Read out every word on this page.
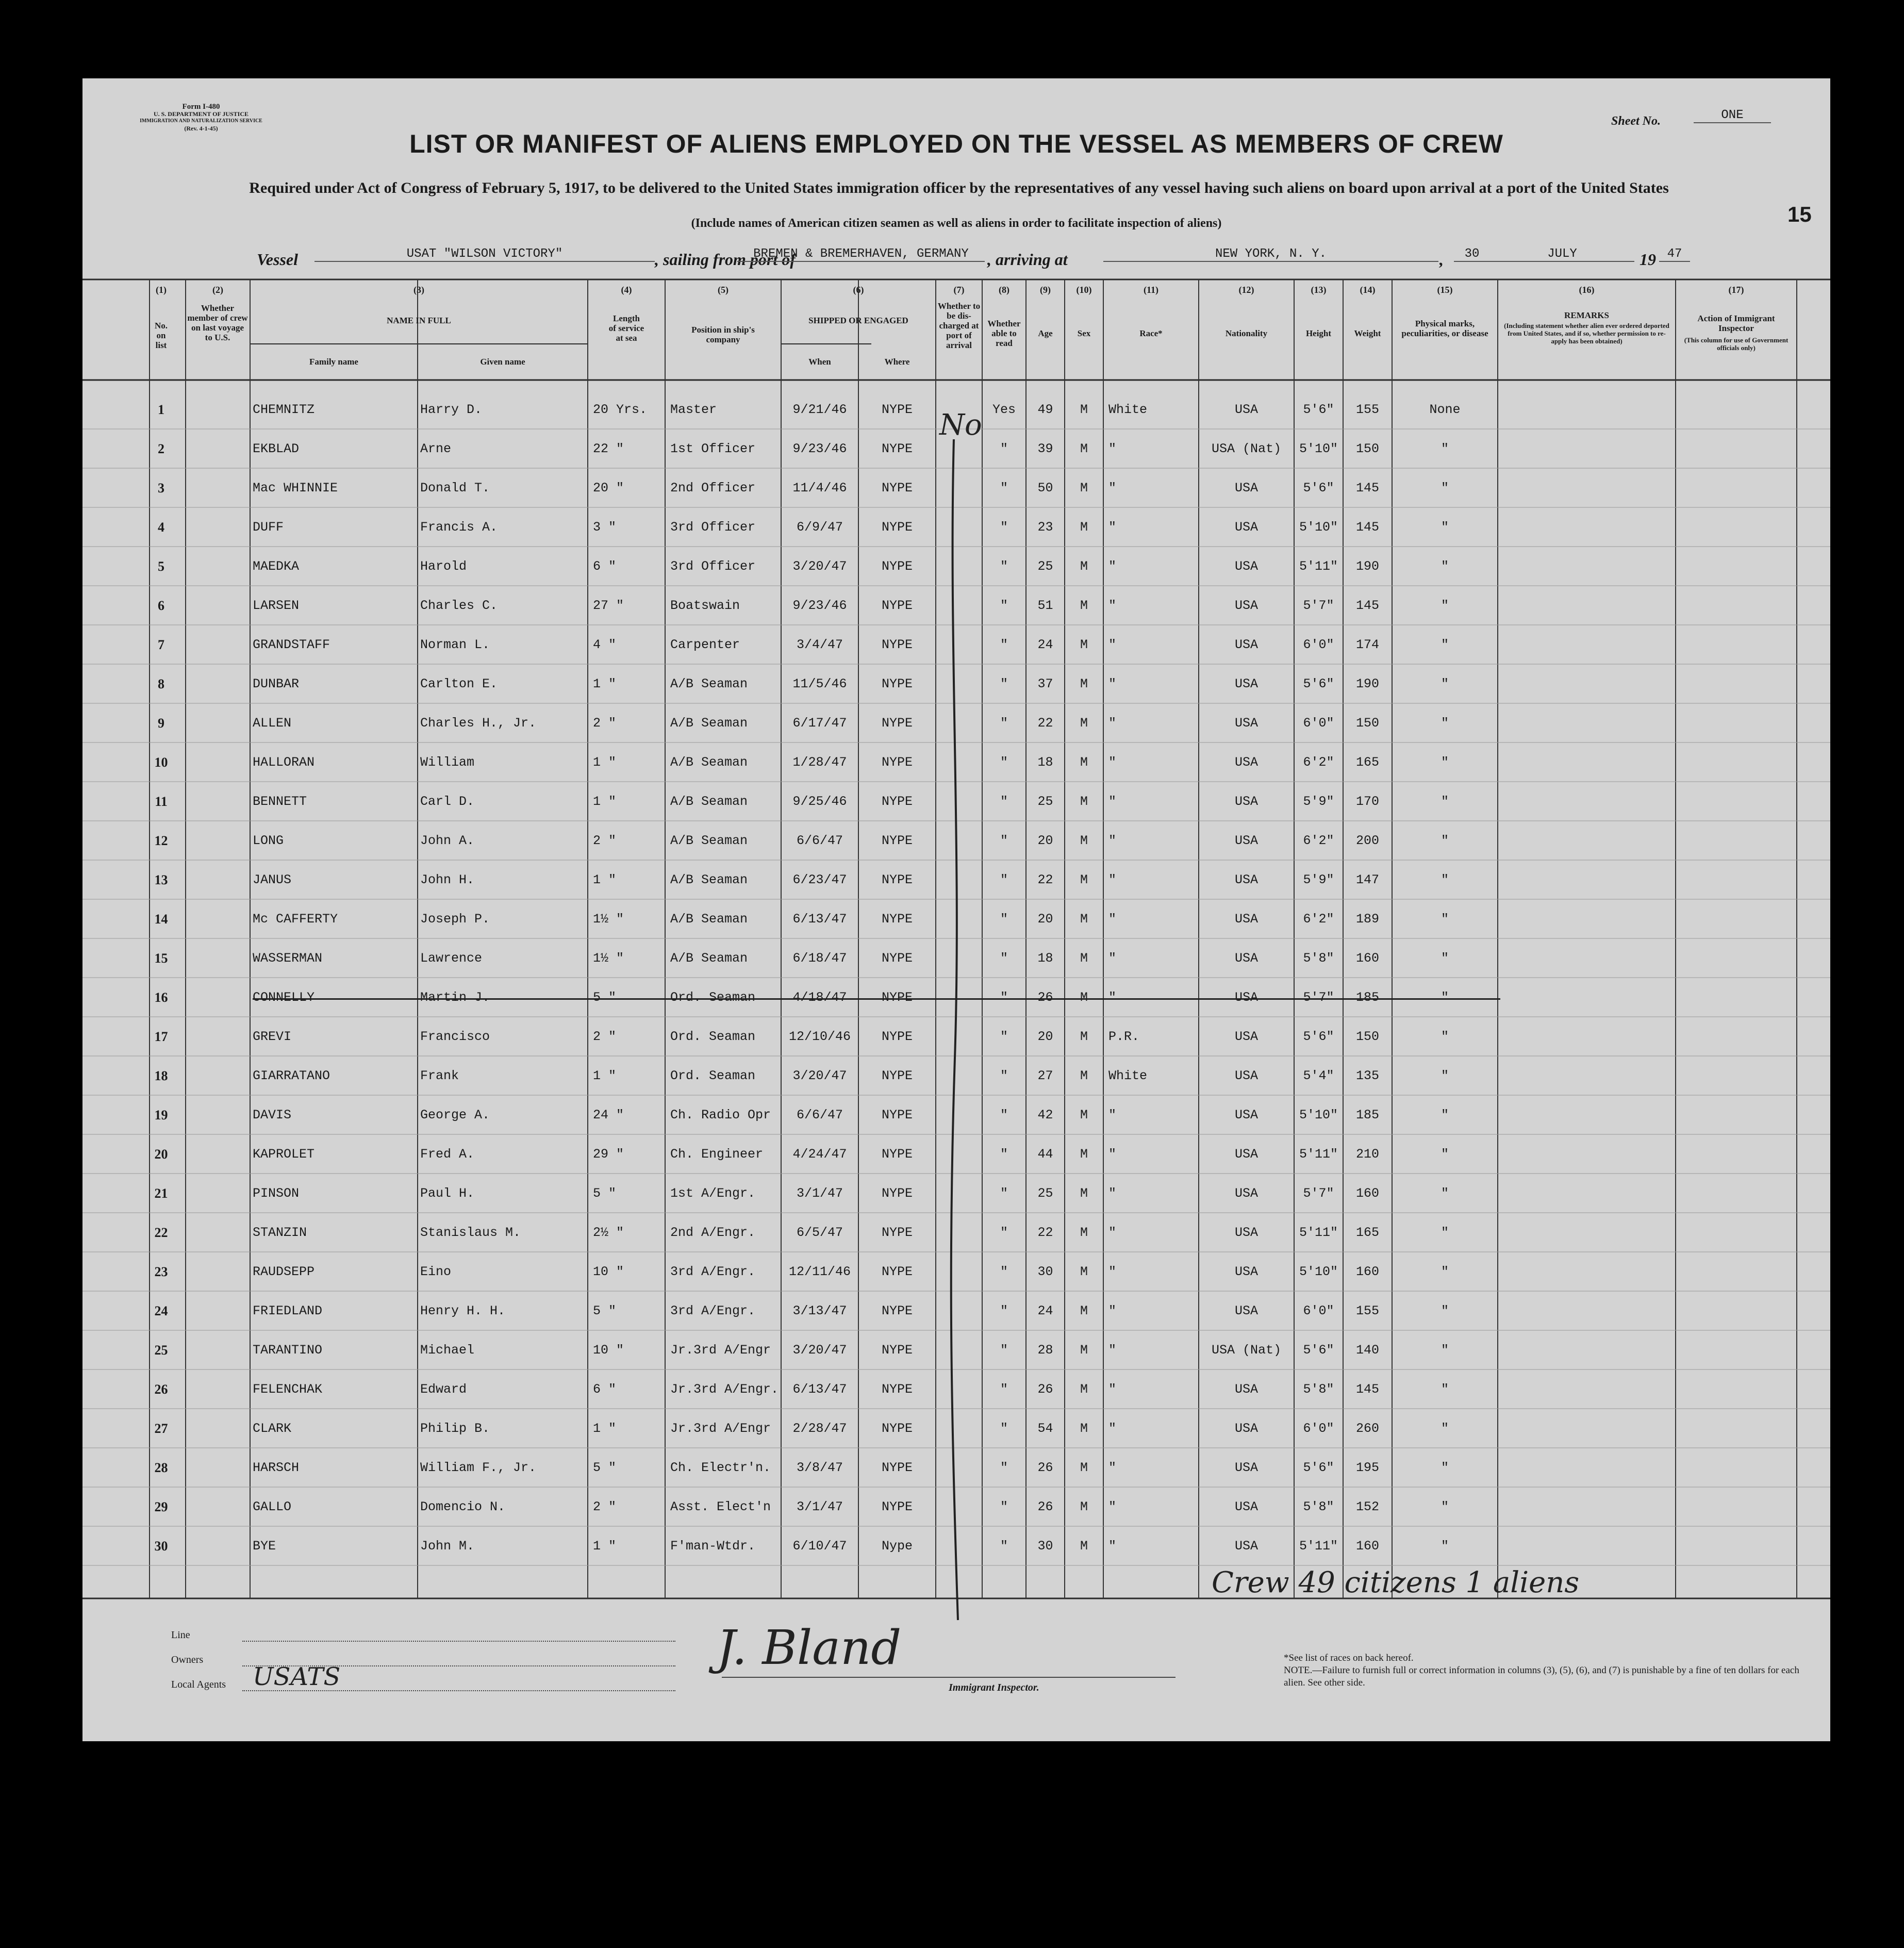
Form I-480
U. S. DEPARTMENT OF JUSTICE
IMMIGRATION AND NATURALIZATION SERVICE
(Rev. 4-1-45)
Sheet No.	ONE
15
LIST OR MANIFEST OF ALIENS EMPLOYED ON THE VESSEL AS MEMBERS OF CREW
Required under Act of Congress of February 5, 1917, to be delivered to the United States immigration officer by the representatives of any vessel having such aliens on board upon arrival at a port of the United States
(Include names of American citizen seamen as well as aliens in order to facilitate inspection of aliens)
Vessel	USAT "WILSON VICTORY"	, sailing from port of
BREMEN & BREMERHAVEN, GERMANY	, arriving at	NEW YORK, N. Y.	,	30	JULY	19 47
(1)
No. on list
(2)
Whether member of crew on last voyage to U.S.
(3)
NAME IN FULL
Family name	Given name
(4)
Length of service at sea
(5)
Position in ship's company
(6)
SHIPPED OR ENGAGED
When	Where
(7)
Whether to be dis-charged at port of arrival
(8)
Whether able to read
(9)
Age
(10)
Sex
(11)
Race*
(12)
Nationality
(13)
Height
(14)
Weight
(15)
Physical marks, peculiarities, or disease
(16)
REMARKS
(Including statement whether alien ever ordered deported from United States, and if so, whether permission to re-apply has been obtained)
(17)
Action of Immigrant Inspector
(This column for use of Government officials only)
1	CHEMNITZ	Harry D.	20 Yrs.	Master	9/21/46	NYPE	Yes	49	M	White	USA	5'6"	155	None
2	EKBLAD	Arne	22 "	1st Officer	9/23/46	NYPE	"	39	M	"	USA (Nat)	5'10"	150	"
3	Mac WHINNIE	Donald T.	20 "	2nd Officer	11/4/46	NYPE	"	50	M	"	USA	5'6"	145	"
4	DUFF	Francis A.	3 "	3rd Officer	6/9/47	NYPE	"	23	M	"	USA	5'10"	145	"
5	MAEDKA	Harold	6 "	3rd Officer	3/20/47	NYPE	"	25	M	"	USA	5'11"	190	"
6	LARSEN	Charles C.	27 "	Boatswain	9/23/46	NYPE	"	51	M	"	USA	5'7"	145	"
7	GRANDSTAFF	Norman L.	4 "	Carpenter	3/4/47	NYPE	"	24	M	"	USA	6'0"	174	"
8	DUNBAR	Carlton E.	1 "	A/B Seaman	11/5/46	NYPE	"	37	M	"	USA	5'6"	190	"
9	ALLEN	Charles H., Jr.	2 "	A/B Seaman	6/17/47	NYPE	"	22	M	"	USA	6'0"	150	"
10	HALLORAN	William	1 "	A/B Seaman	1/28/47	NYPE	"	18	M	"	USA	6'2"	165	"
11	BENNETT	Carl D.	1 "	A/B Seaman	9/25/46	NYPE	"	25	M	"	USA	5'9"	170	"
12	LONG	John A.	2 "	A/B Seaman	6/6/47	NYPE	"	20	M	"	USA	6'2"	200	"
13	JANUS	John H.	1 "	A/B Seaman	6/23/47	NYPE	"	22	M	"	USA	5'9"	147	"
14	Mc CAFFERTY	Joseph P.	1½ "	A/B Seaman	6/13/47	NYPE	"	20	M	"	USA	6'2"	189	"
15	WASSERMAN	Lawrence	1½ "	A/B Seaman	6/18/47	NYPE	"	18	M	"	USA	5'8"	160	"
16	CONNELLY	Martin J.	5 "	Ord. Seaman	4/18/47	NYPE	"	26	M	"	USA	5'7"	185	"
17	GREVI	Francisco	2 "	Ord. Seaman	12/10/46	NYPE	"	20	M	P.R.	USA	5'6"	150	"
18	GIARRATANO	Frank	1 "	Ord. Seaman	3/20/47	NYPE	"	27	M	White	USA	5'4"	135	"
19	DAVIS	George A.	24 "	Ch. Radio Opr	6/6/47	NYPE	"	42	M	"	USA	5'10"	185	"
20	KAPROLET	Fred A.	29 "	Ch. Engineer	4/24/47	NYPE	"	44	M	"	USA	5'11"	210	"
21	PINSON	Paul H.	5 "	1st A/Engr.	3/1/47	NYPE	"	25	M	"	USA	5'7"	160	"
22	STANZIN	Stanislaus M.	2½ "	2nd A/Engr.	6/5/47	NYPE	"	22	M	"	USA	5'11"	165	"
23	RAUDSEPP	Eino	10 "	3rd A/Engr.	12/11/46	NYPE	"	30	M	"	USA	5'10"	160	"
24	FRIEDLAND	Henry H. H.	5 "	3rd A/Engr.	3/13/47	NYPE	"	24	M	"	USA	6'0"	155	"
25	TARANTINO	Michael	10 "	Jr.3rd A/Engr	3/20/47	NYPE	"	28	M	"	USA (Nat)	5'6"	140	"
26	FELENCHAK	Edward	6 "	Jr.3rd A/Engr.	6/13/47	NYPE	"	26	M	"	USA	5'8"	145	"
27	CLARK	Philip B.	1 "	Jr.3rd A/Engr	2/28/47	NYPE	"	54	M	"	USA	6'0"	260	"
28	HARSCH	William F., Jr.	5 "	Ch. Electr'n.	3/8/47	NYPE	"	26	M	"	USA	5'6"	195	"
29	GALLO	Domencio N.	2 "	Asst. Elect'n	3/1/47	NYPE	"	26	M	"	USA	5'8"	152	"
30	BYE	John M.	1 "	F'man-Wtdr.	6/10/47	Nype	"	30	M	"	USA	5'11"	160	"
No
Crew 49 citizens 1 aliens
Line
Owners
Local Agents USATS
J. Bland
Immigrant Inspector.
*See list of races on back hereof.
NOTE.—Failure to furnish full or correct information in columns (3), (5), (6), and (7) is punishable by a fine of ten dollars for each alien. See other side.
